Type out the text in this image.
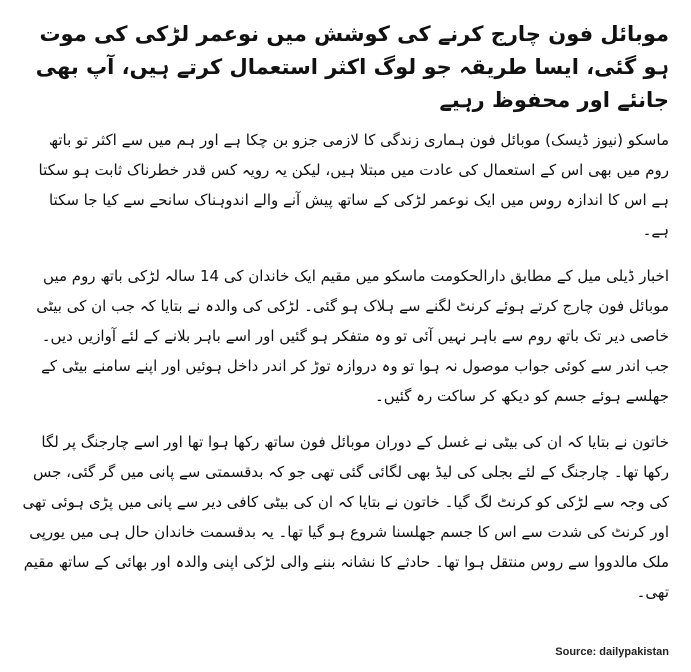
موبائل فون چارج کرنے کی کوشش میں نوعمر لڑکی کی موت ہو گئی، ایسا طریقہ جو لوگ اکثر استعمال کرتے ہیں، آپ بھی جانئے اور محفوظ رہیے

ماسکو (نیوز ڈیسک) موبائل فون ہماری زندگی کا لازمی جزو بن چکا ہے اور ہم میں سے اکثر تو باتھ روم میں بھی اس کے استعمال کی عادت میں مبتلا ہیں، لیکن یہ رویہ کس قدر خطرناک ثابت ہو سکتا ہے اس کا اندازہ روس میں ایک نوعمر لڑکی کے ساتھ پیش آنے والے اندوہناک سانحے سے کیا جا سکتا ہے۔

اخبار ڈیلی میل کے مطابق دارالحکومت ماسکو میں مقیم ایک خاندان کی 14 سالہ لڑکی باتھ روم میں موبائل فون چارج کرتے ہوئے کرنٹ لگنے سے ہلاک ہو گئی۔ لڑکی کی والدہ نے بتایا کہ جب ان کی بیٹی خاصی دیر تک باتھ روم سے باہر نہیں آئی تو وہ متفکر ہو گئیں اور اسے باہر بلانے کے لئے آوازیں دیں۔ جب اندر سے کوئی جواب موصول نہ ہوا تو وہ دروازہ توڑ کر اندر داخل ہوئیں اور اپنے سامنے بیٹی کے جھلسے ہوئے جسم کو دیکھ کر ساکت رہ گئیں۔

خاتون نے بتایا کہ ان کی بیٹی نے غسل کے دوران موبائل فون ساتھ رکھا ہوا تھا اور اسے چارجنگ پر لگا رکھا تھا۔ چارجنگ کے لئے بجلی کی لیڈ بھی لگائی گئی تھی جو کہ بدقسمتی سے پانی میں گر گئی، جس کی وجہ سے لڑکی کو کرنٹ لگ گیا۔ خاتون نے بتایا کہ ان کی بیٹی کافی دیر سے پانی میں پڑی ہوئی تھی اور کرنٹ کی شدت سے اس کا جسم جھلسنا شروع ہو گیا تھا۔ یہ بدقسمت خاندان حال ہی میں یورپی ملک مالدووا سے روس منتقل ہوا تھا۔ حادثے کا نشانہ بننے والی لڑکی اپنی والدہ اور بھائی کے ساتھ مقیم تھی۔

Source: dailypakistan
